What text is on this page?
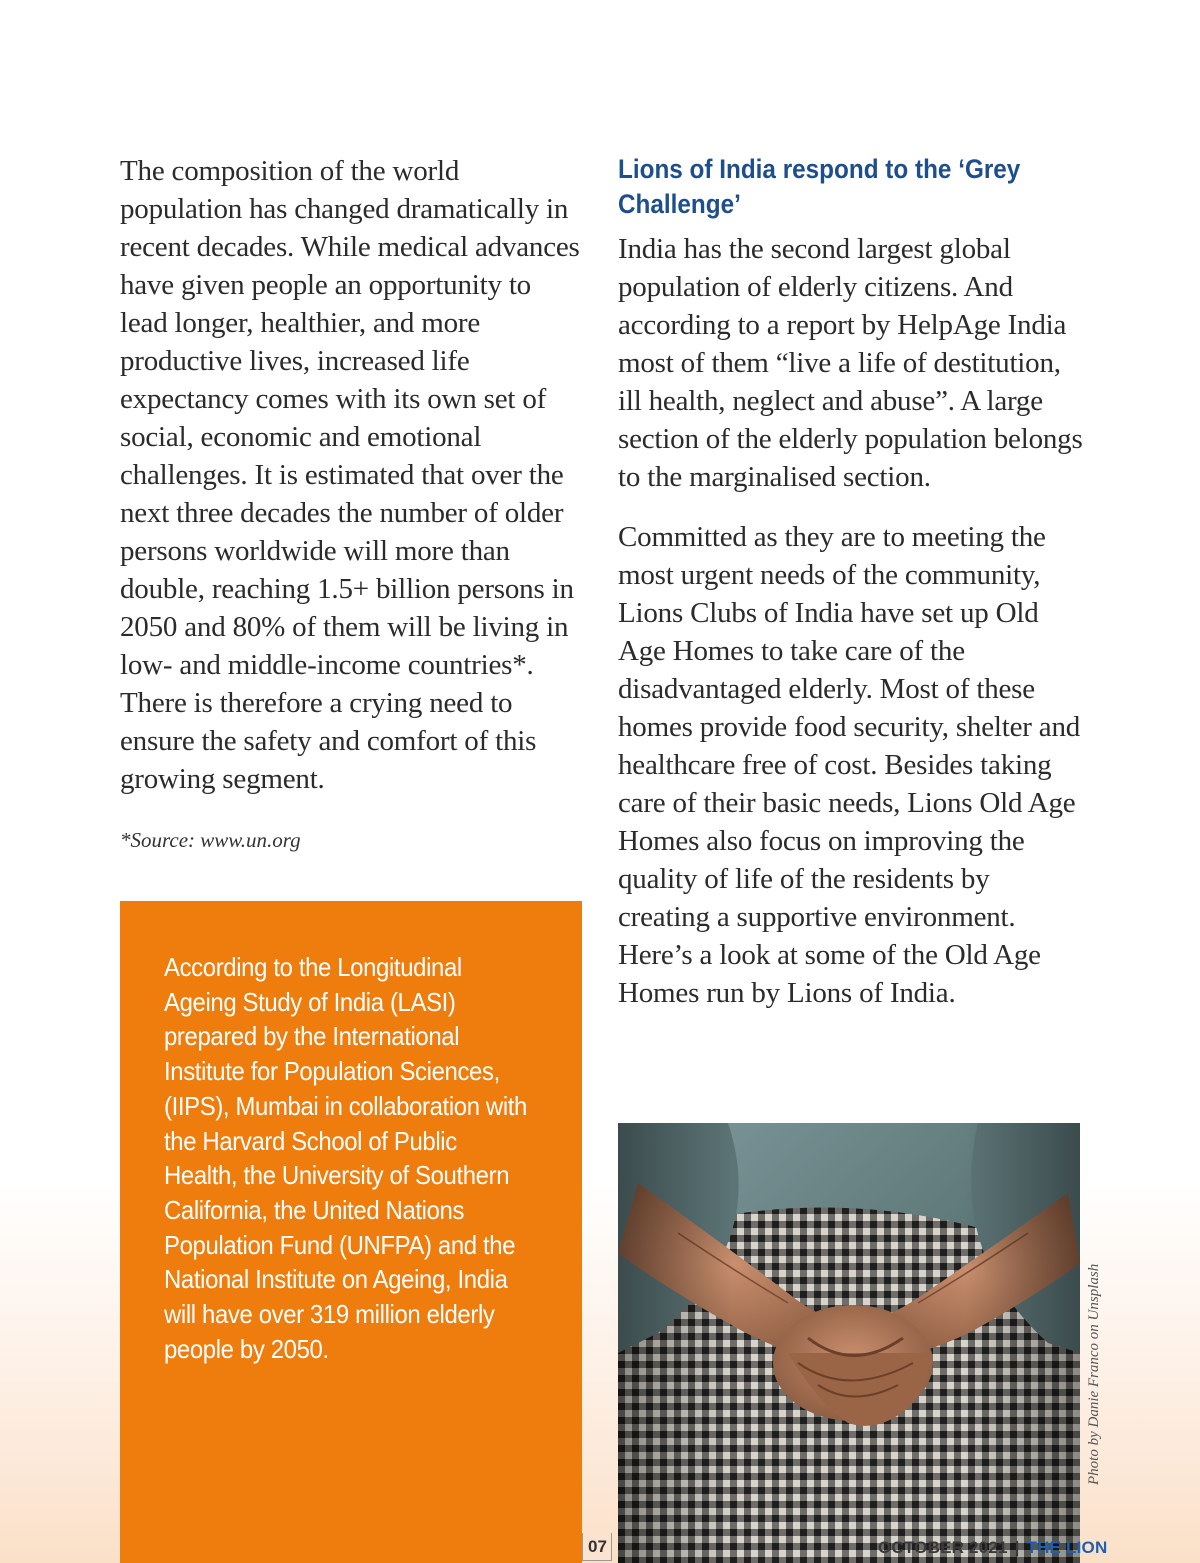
The composition of the world population has changed dramatically in recent decades. While medical advances have given people an opportunity to lead longer, healthier, and more productive lives, increased life expectancy comes with its own set of social, economic and emotional challenges. It is estimated that over the next three decades the number of older persons worldwide will more than double, reaching 1.5+ billion persons in 2050 and 80% of them will be living in low- and middle-income countries*. There is therefore a crying need to ensure the safety and comfort of this growing segment.

*Source: www.un.org
According to the Longitudinal Ageing Study of India (LASI) prepared by the International Institute for Population Sciences, (IIPS), Mumbai in collaboration with the Harvard School of Public Health, the University of Southern California, the United Nations Population Fund (UNFPA) and the National Institute on Ageing, India will have over 319 million elderly people by 2050.
Lions of India respond to the ‘Grey Challenge’

India has the second largest global population of elderly citizens. And according to a report by HelpAge India most of them “live a life of destitution, ill health, neglect and abuse”. A large section of the elderly population belongs to the marginalised section.

Committed as they are to meeting the most urgent needs of the community, Lions Clubs of India have set up Old Age Homes to take care of the disadvantaged elderly. Most of these homes provide food security, shelter and healthcare free of cost. Besides taking care of their basic needs, Lions Old Age Homes also focus on improving the quality of life of the residents by creating a supportive environment. Here’s a look at some of the Old Age Homes run by Lions of India.

Photo by Danie Franco on Unsplash
07	OCTOBER 2021 | THE LION
